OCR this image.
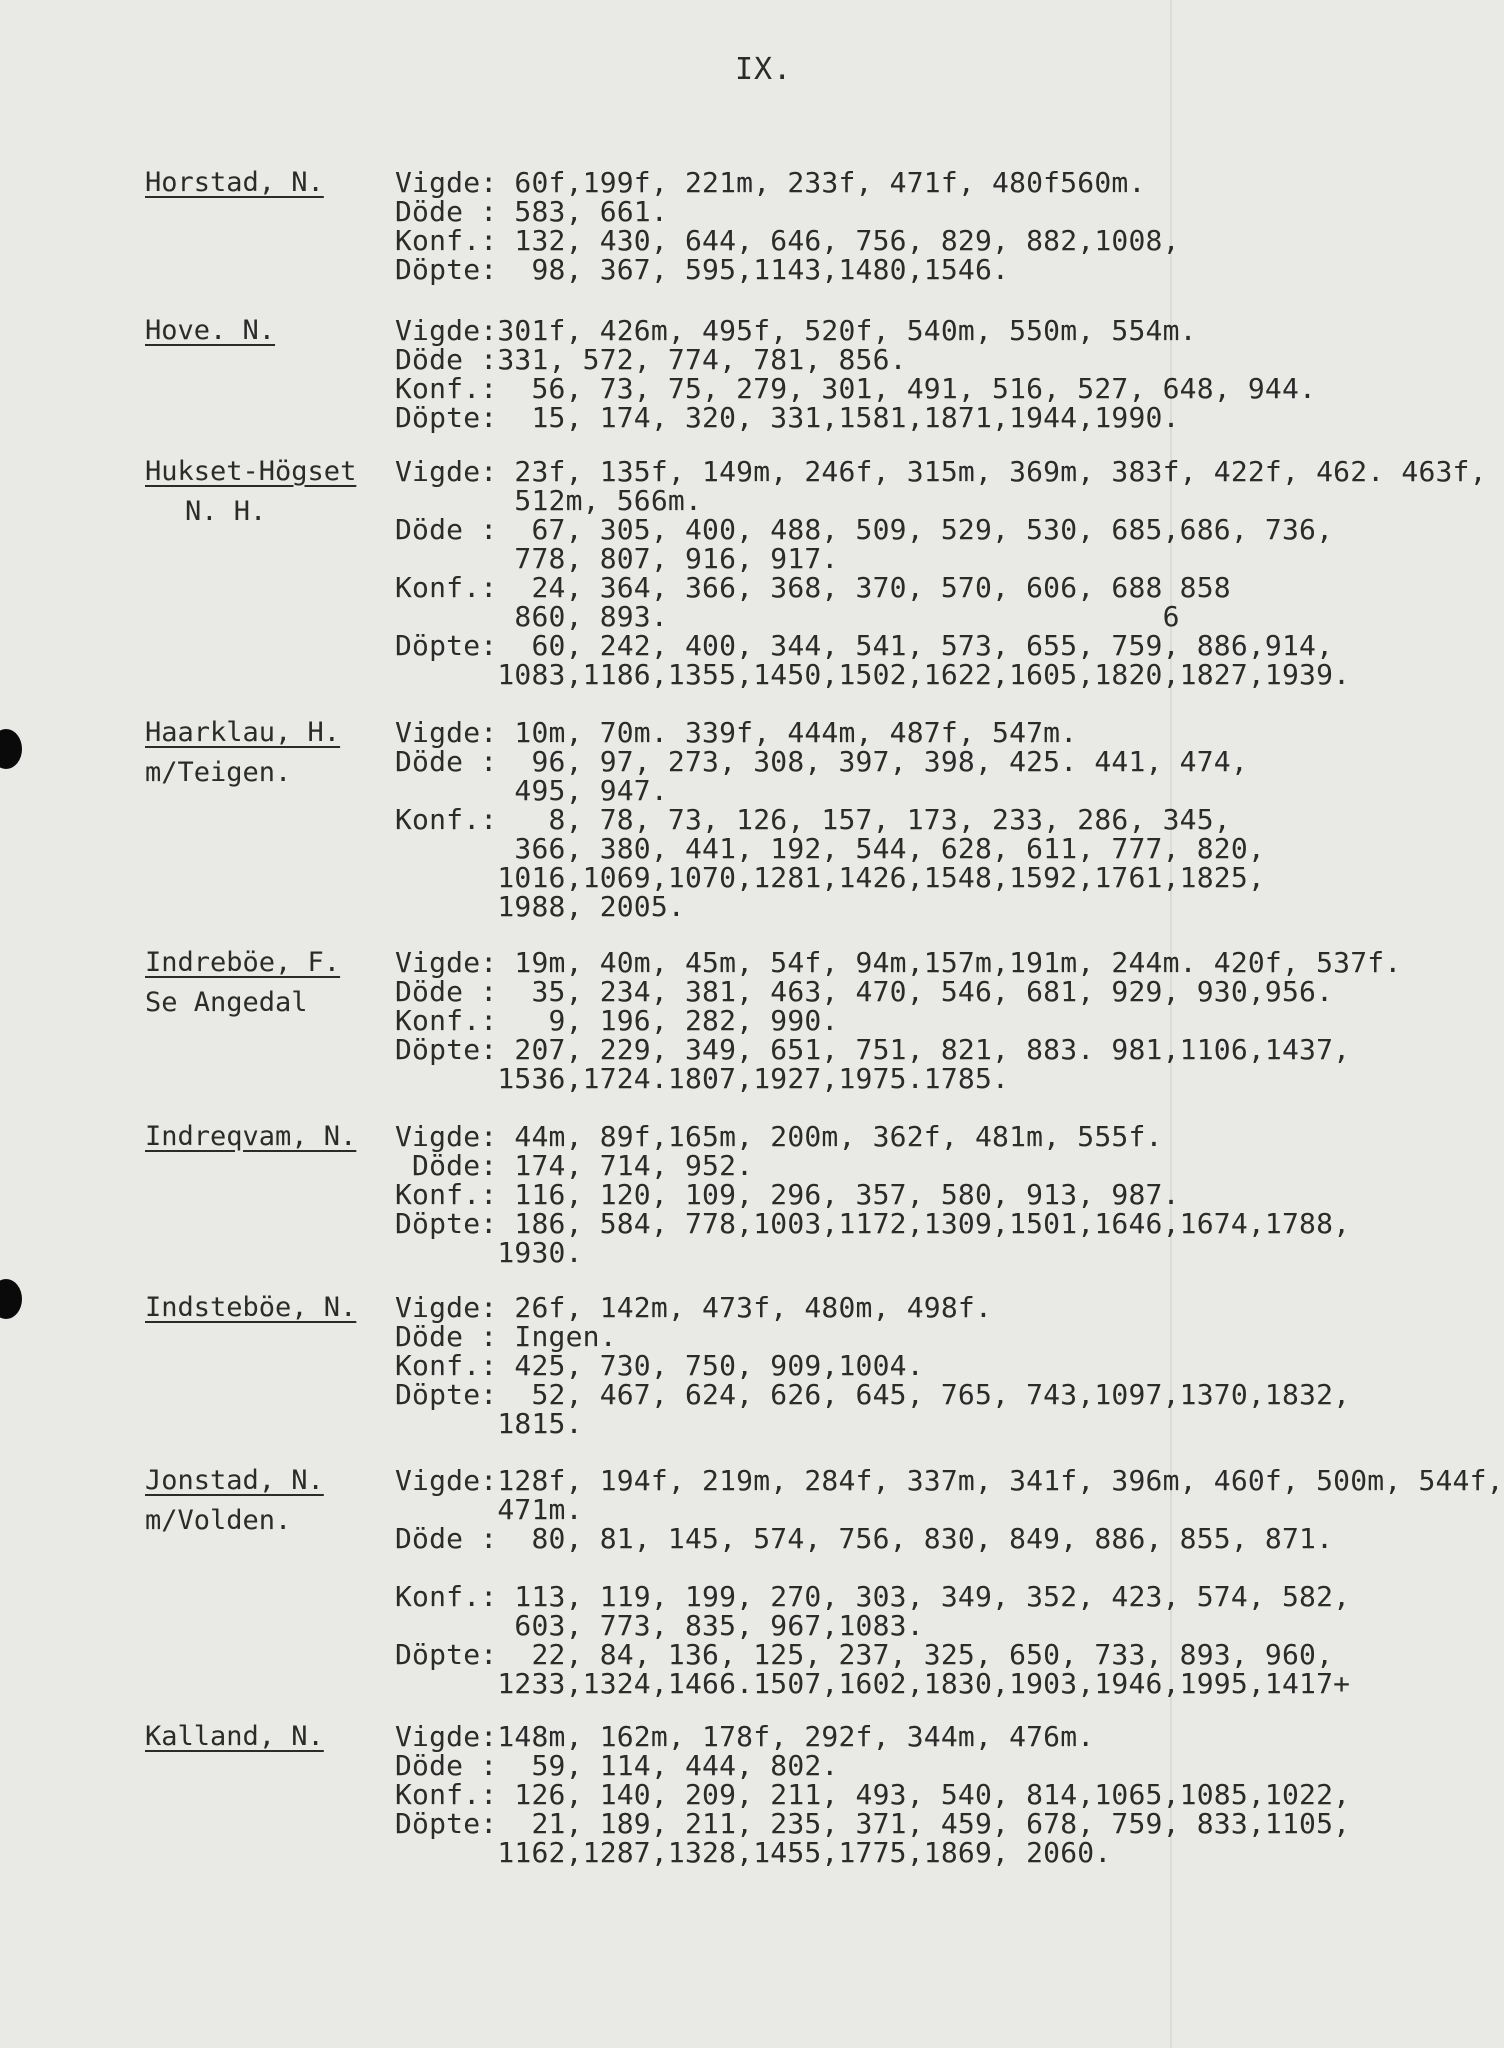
IX.
Horstad, N.	Vigde: 60f,199f, 221m, 233f, 471f, 480f560m.
Döde : 583, 661.
Konf.: 132, 430, 644, 646, 756, 829, 882,1008,
Döpte:  98, 367, 595,1143,1480,1546.
Hove. N.	Vigde:301f, 426m, 495f, 520f, 540m, 550m, 554m.
Döde :331, 572, 774, 781, 856.
Konf.:  56, 73, 75, 279, 301, 491, 516, 527, 648, 944.
Döpte:  15, 174, 320, 331,1581,1871,1944,1990.
Hukset-Högset
N. H.
Vigde: 23f, 135f, 149m, 246f, 315m, 369m, 383f, 422f, 462. 463f,
512m, 566m.
Döde :  67, 305, 400, 488, 509, 529, 530, 685,686, 736,
778, 807, 916, 917.
Konf.:  24, 364, 366, 368, 370, 570, 606, 688 858
860, 893.                             6
Döpte:  60, 242, 400, 344, 541, 573, 655, 759, 886,914,
1083,1186,1355,1450,1502,1622,1605,1820,1827,1939.
Haarklau, H.
m/Teigen.
Vigde: 10m, 70m. 339f, 444m, 487f, 547m.
Döde :  96, 97, 273, 308, 397, 398, 425. 441, 474,
495, 947.
Konf.:   8, 78, 73, 126, 157, 173, 233, 286, 345,
366, 380, 441, 192, 544, 628, 611, 777, 820,
1016,1069,1070,1281,1426,1548,1592,1761,1825,
1988, 2005.
Indreböe, F.
Se Angedal
Vigde: 19m, 40m, 45m, 54f, 94m,157m,191m, 244m. 420f, 537f.
Döde :  35, 234, 381, 463, 470, 546, 681, 929, 930,956.
Konf.:   9, 196, 282, 990.
Döpte: 207, 229, 349, 651, 751, 821, 883. 981,1106,1437,
1536,1724.1807,1927,1975.1785.
Indreqvam, N. Vigde: 44m, 89f,165m, 200m, 362f, 481m, 555f.
Döde: 174, 714, 952.
Konf.: 116, 120, 109, 296, 357, 580, 913, 987.
Döpte: 186, 584, 778,1003,1172,1309,1501,1646,1674,1788,
1930.
Indsteböe, N. Vigde: 26f, 142m, 473f, 480m, 498f.
Döde : Ingen.
Konf.: 425, 730, 750, 909,1004.
Döpte:  52, 467, 624, 626, 645, 765, 743,1097,1370,1832,
1815.
Jonstad, N.
m/Volden.
Vigde:128f, 194f, 219m, 284f, 337m, 341f, 396m, 460f, 500m, 544f,
471m.
Döde :  80, 81, 145, 574, 756, 830, 849, 886, 855, 871.
Konf.: 113, 119, 199, 270, 303, 349, 352, 423, 574, 582,
603, 773, 835, 967,1083.
Döpte:  22, 84, 136, 125, 237, 325, 650, 733, 893, 960,
1233,1324,1466.1507,1602,1830,1903,1946,1995,1417+
Kalland, N.	Vigde:148m, 162m, 178f, 292f, 344m, 476m.
Döde :  59, 114, 444, 802.
Konf.: 126, 140, 209, 211, 493, 540, 814,1065,1085,1022,
Döpte:  21, 189, 211, 235, 371, 459, 678, 759, 833,1105,
1162,1287,1328,1455,1775,1869, 2060.
